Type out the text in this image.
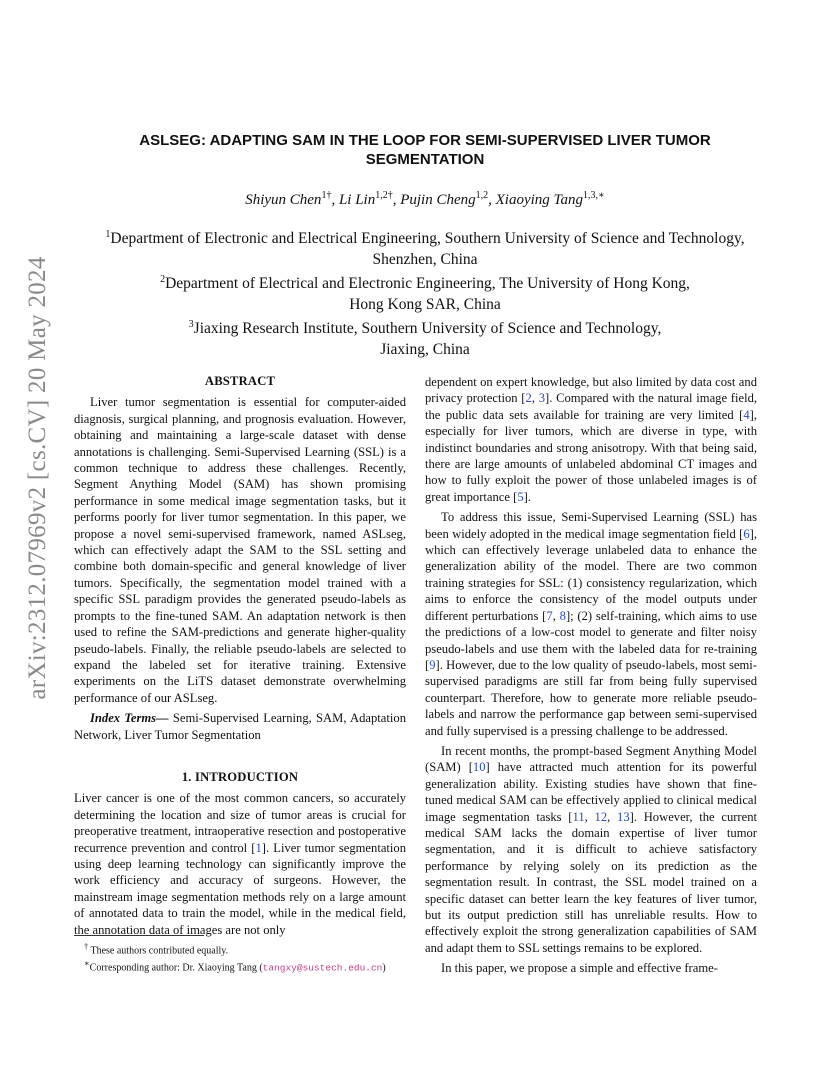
arXiv:2312.07969v2 [cs.CV] 20 May 2024
ASLSEG: ADAPTING SAM IN THE LOOP FOR SEMI-SUPERVISED LIVER TUMOR
SEGMENTATION

Shiyun Chen$^{1\dagger}$, Li Lin$^{1,2\dagger}$, Pujin Cheng$^{1,2}$, Xiaoying Tang$^{1,3,∗}$

$^1$Department of Electronic and Electrical Engineering, Southern University of Science and Technology,
Shenzhen, China
$^2$Department of Electrical and Electronic Engineering, The University of Hong Kong,
Hong Kong SAR, China
$^3$Jiaxing Research Institute, Southern University of Science and Technology,
Jiaxing, China
ABSTRACT

Liver tumor segmentation is essential for computer-aided diagnosis, surgical planning, and prognosis evaluation. However, obtaining and maintaining a large-scale dataset with dense annotations is challenging. Semi-Supervised Learning (SSL) is a common technique to address these challenges. Recently, Segment Anything Model (SAM) has shown promising performance in some medical image segmentation tasks, but it performs poorly for liver tumor segmentation. In this paper, we propose a novel semi-supervised framework, named ASLseg, which can effectively adapt the SAM to the SSL setting and combine both domain-specific and general knowledge of liver tumors. Specifically, the segmentation model trained with a specific SSL paradigm provides the generated pseudo-labels as prompts to the fine-tuned SAM. An adaptation network is then used to refine the SAM-predictions and generate higher-quality pseudo-labels. Finally, the reliable pseudo-labels are selected to expand the labeled set for iterative training. Extensive experiments on the LiTS dataset demonstrate overwhelming performance of our ASLseg.

Index Terms— Semi-Supervised Learning, SAM, Adaptation Network, Liver Tumor Segmentation

1. INTRODUCTION

Liver cancer is one of the most common cancers, so accurately determining the location and size of tumor areas is crucial for preoperative treatment, intraoperative resection and postoperative recurrence prevention and control [1]. Liver tumor segmentation using deep learning technology can significantly improve the work efficiency and accuracy of surgeons. However, the mainstream image segmentation methods rely on a large amount of annotated data to train the model, while in the medical field, the annotation data of images are not only

dependent on expert knowledge, but also limited by data cost and privacy protection [2, 3]. Compared with the natural image field, the public data sets available for training are very limited [4], especially for liver tumors, which are diverse in type, with indistinct boundaries and strong anisotropy. With that being said, there are large amounts of unlabeled abdominal CT images and how to fully exploit the power of those unlabeled images is of great importance [5].

To address this issue, Semi-Supervised Learning (SSL) has been widely adopted in the medical image segmentation field [6], which can effectively leverage unlabeled data to enhance the generalization ability of the model. There are two common training strategies for SSL: (1) consistency regularization, which aims to enforce the consistency of the model outputs under different perturbations [7, 8]; (2) self-training, which aims to use the predictions of a low-cost model to generate and filter noisy pseudo-labels and use them with the labeled data for re-training [9]. However, due to the low quality of pseudo-labels, most semi-supervised paradigms are still far from being fully supervised counterpart. Therefore, how to generate more reliable pseudo-labels and narrow the performance gap between semi-supervised and fully supervised is a pressing challenge to be addressed.

In recent months, the prompt-based Segment Anything Model (SAM) [10] have attracted much attention for its powerful generalization ability. Existing studies have shown that fine-tuned medical SAM can be effectively applied to clinical medical image segmentation tasks [11, 12, 13]. However, the current medical SAM lacks the domain expertise of liver tumor segmentation, and it is difficult to achieve satisfactory performance by relying solely on its prediction as the segmentation result. In contrast, the SSL model trained on a specific dataset can better learn the key features of liver tumor, but its output prediction still has unreliable results. How to effectively exploit the strong generalization capabilities of SAM and adapt them to SSL settings remains to be explored.

In this paper, we propose a simple and effective frame-

† These authors contributed equally.

∗Corresponding author: Dr. Xiaoying Tang (tangxy@sustech.edu.cn)
